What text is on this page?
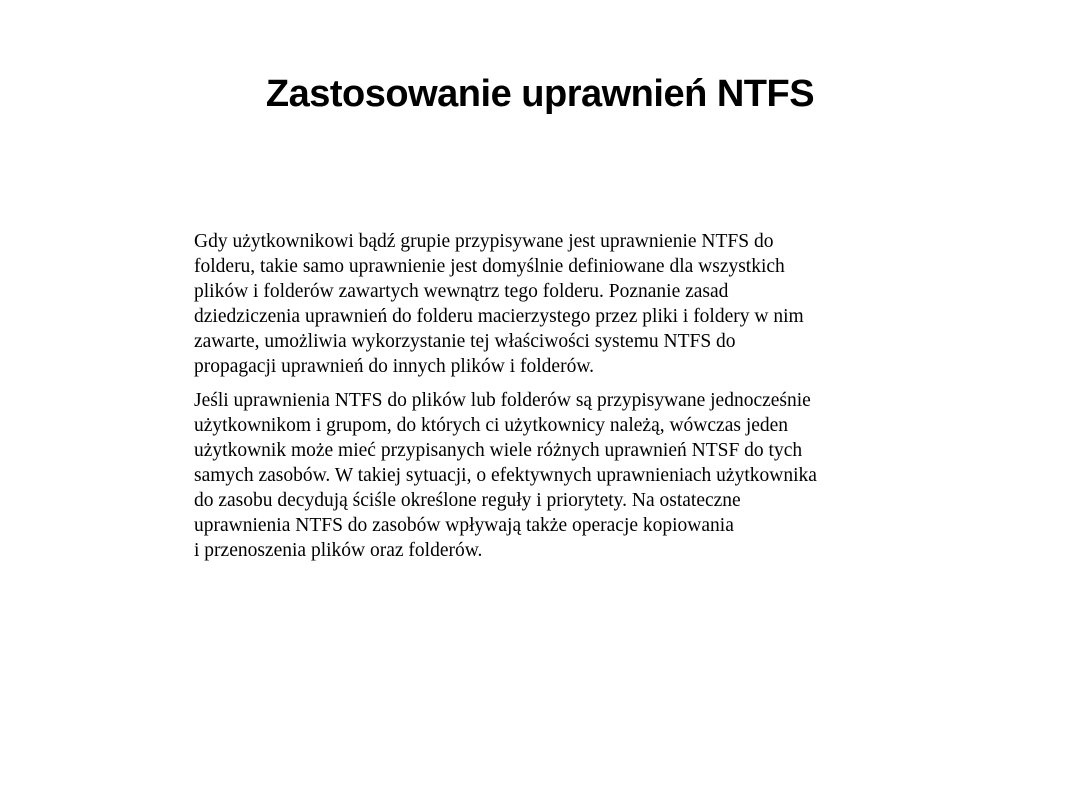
Zastosowanie uprawnień NTFS

Gdy użytkownikowi bądź grupie przypisywane jest uprawnienie NTFS do
folderu, takie samo uprawnienie jest domyślnie definiowane dla wszystkich
plików i folderów zawartych wewnątrz tego folderu. Poznanie zasad
dziedziczenia uprawnień do folderu macierzystego przez pliki i foldery w nim
zawarte, umożliwia wykorzystanie tej właściwości systemu NTFS do
propagacji uprawnień do innych plików i folderów.

Jeśli uprawnienia NTFS do plików lub folderów są przypisywane jednocześnie
użytkownikom i grupom, do których ci użytkownicy należą, wówczas jeden
użytkownik może mieć przypisanych wiele różnych uprawnień NTSF do tych
samych zasobów. W takiej sytuacji, o efektywnych uprawnieniach użytkownika
do zasobu decydują ściśle określone reguły i priorytety. Na ostateczne
uprawnienia NTFS do zasobów wpływają także operacje kopiowania
i przenoszenia plików oraz folderów.
